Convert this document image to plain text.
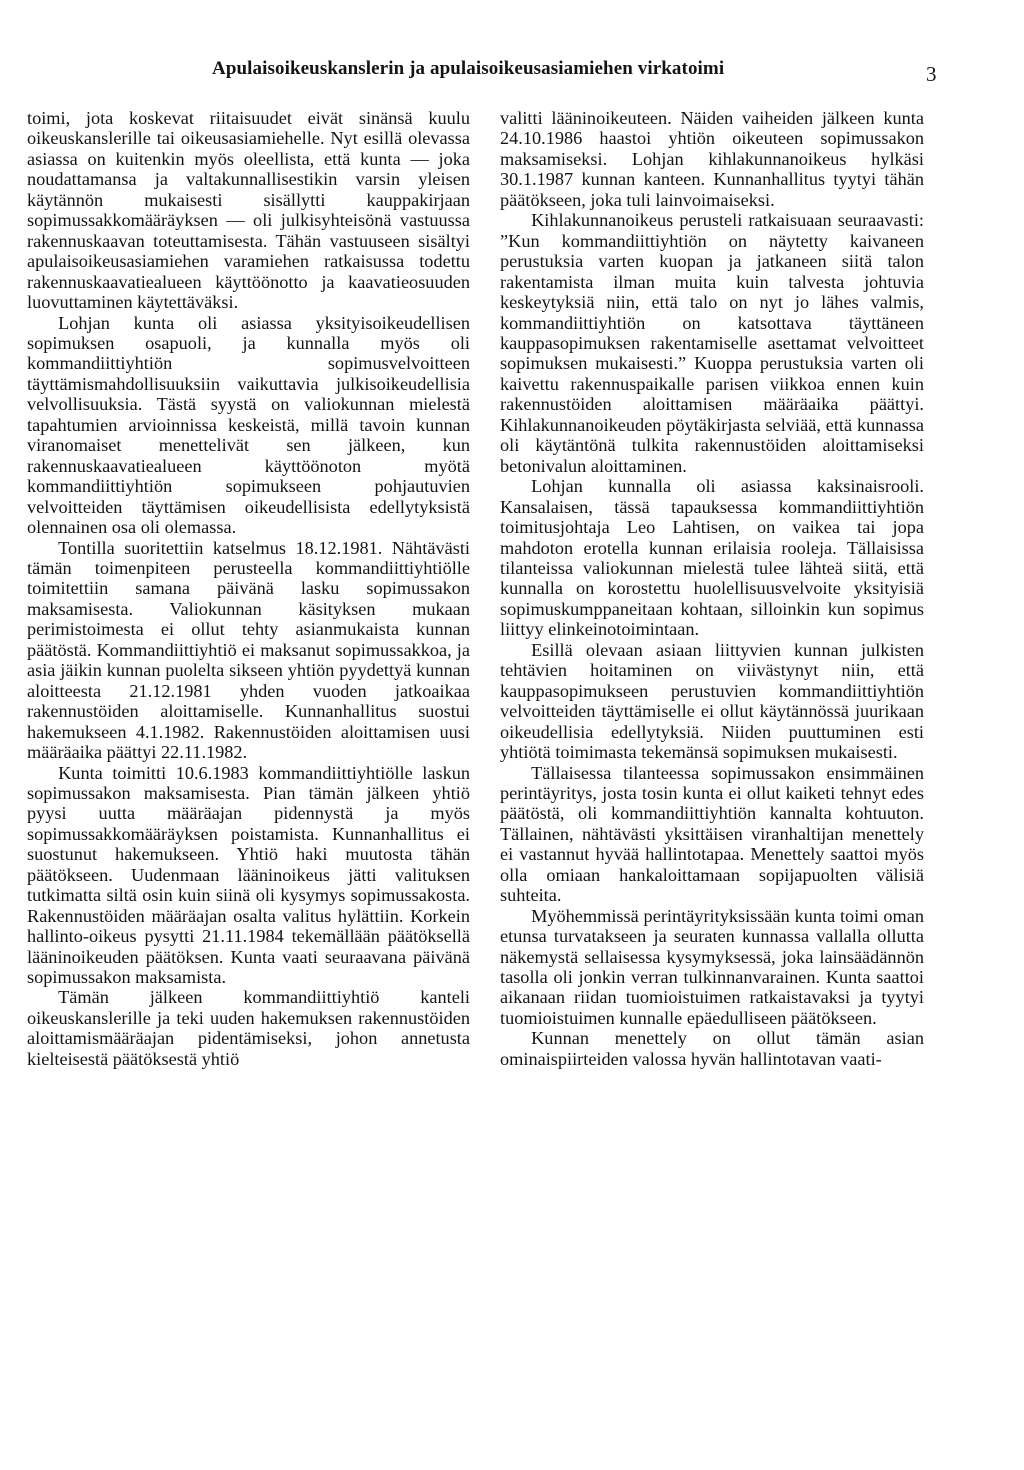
Apulaisoikeuskanslerin ja apulaisoikeusasiamiehen virkatoimi	3

toimi, jota koskevat riitaisuudet eivät sinänsä kuulu oikeuskanslerille tai oikeusasiamiehelle. Nyt esillä olevassa asiassa on kuitenkin myös oleellista, että kunta — joka noudattamansa ja valtakunnallisestikin varsin yleisen käytännön mukaisesti sisällytti kauppakirjaan sopimussakkomääräyksen — oli julkisyhteisönä vastuussa rakennuskaavan toteuttamisesta. Tähän vastuuseen sisältyi apulaisoikeusasiamiehen varamiehen ratkaisussa todettu rakennuskaavatiealueen käyttöönotto ja kaavatieosuuden luovuttaminen käytettäväksi.

Lohjan kunta oli asiassa yksityisoikeudellisen sopimuksen osapuoli, ja kunnalla myös oli kommandiittiyhtiön sopimusvelvoitteen täyttämismahdollisuuksiin vaikuttavia julkisoikeudellisia velvollisuuksia. Tästä syystä on valiokunnan mielestä tapahtumien arvioinnissa keskeistä, millä tavoin kunnan viranomaiset menettelivät sen jälkeen, kun rakennuskaavatiealueen käyttöönoton myötä kommandiittiyhtiön sopimukseen pohjautuvien velvoitteiden täyttämisen oikeudellisista edellytyksistä olennainen osa oli olemassa.

Tontilla suoritettiin katselmus 18.12.1981. Nähtävästi tämän toimenpiteen perusteella kommandiittiyhtiölle toimitettiin samana päivänä lasku sopimussakon maksamisesta. Valiokunnan käsityksen mukaan perimistoimesta ei ollut tehty asianmukaista kunnan päätöstä. Kommandiittiyhtiö ei maksanut sopimussakkoa, ja asia jäikin kunnan puolelta sikseen yhtiön pyydettyä kunnan aloitteesta 21.12.1981 yhden vuoden jatkoaikaa rakennustöiden aloittamiselle. Kunnanhallitus suostui hakemukseen 4.1.1982. Rakennustöiden aloittamisen uusi määräaika päättyi 22.11.1982.

Kunta toimitti 10.6.1983 kommandiittiyhtiölle laskun sopimussakon maksamisesta. Pian tämän jälkeen yhtiö pyysi uutta määräajan pidennystä ja myös sopimussakkomääräyksen poistamista. Kunnanhallitus ei suostunut hakemukseen. Yhtiö haki muutosta tähän päätökseen. Uudenmaan lääninoikeus jätti valituksen tutkimatta siltä osin kuin siinä oli kysymys sopimussakosta. Rakennustöiden määräajan osalta valitus hylättiin. Korkein hallinto-oikeus pysytti 21.11.1984 tekemällään päätöksellä lääninoikeuden päätöksen. Kunta vaati seuraavana päivänä sopimussakon maksamista.

Tämän jälkeen kommandiittiyhtiö kanteli oikeuskanslerille ja teki uuden hakemuksen rakennustöiden aloittamismääräajan pidentämiseksi, johon annetusta kielteisestä päätöksestä yhtiö

valitti lääninoikeuteen. Näiden vaiheiden jälkeen kunta 24.10.1986 haastoi yhtiön oikeuteen sopimussakon maksamiseksi. Lohjan kihlakunnanoikeus hylkäsi 30.1.1987 kunnan kanteen. Kunnanhallitus tyytyi tähän päätökseen, joka tuli lainvoimaiseksi.

Kihlakunnanoikeus perusteli ratkaisuaan seuraavasti: ”Kun kommandiittiyhtiön on näytetty kaivaneen perustuksia varten kuopan ja jatkaneen siitä talon rakentamista ilman muita kuin talvesta johtuvia keskeytyksiä niin, että talo on nyt jo lähes valmis, kommandiittiyhtiön on katsottava täyttäneen kauppasopimuksen rakentamiselle asettamat velvoitteet sopimuksen mukaisesti.” Kuoppa perustuksia varten oli kaivettu rakennuspaikalle parisen viikkoa ennen kuin rakennustöiden aloittamisen määräaika päättyi. Kihlakunnanoikeuden pöytäkirjasta selviää, että kunnassa oli käytäntönä tulkita rakennustöiden aloittamiseksi betonivalun aloittaminen.

Lohjan kunnalla oli asiassa kaksinaisrooli. Kansalaisen, tässä tapauksessa kommandiittiyhtiön toimitusjohtaja Leo Lahtisen, on vaikea tai jopa mahdoton erotella kunnan erilaisia rooleja. Tällaisissa tilanteissa valiokunnan mielestä tulee lähteä siitä, että kunnalla on korostettu huolellisuusvelvoite yksityisiä sopimuskumppaneitaan kohtaan, silloinkin kun sopimus liittyy elinkeinotoimintaan.

Esillä olevaan asiaan liittyvien kunnan julkisten tehtävien hoitaminen on viivästynyt niin, että kauppasopimukseen perustuvien kommandiittiyhtiön velvoitteiden täyttämiselle ei ollut käytännössä juurikaan oikeudellisia edellytyksiä. Niiden puuttuminen esti yhtiötä toimimasta tekemänsä sopimuksen mukaisesti.

Tällaisessa tilanteessa sopimussakon ensimmäinen perintäyritys, josta tosin kunta ei ollut kaiketi tehnyt edes päätöstä, oli kommandiittiyhtiön kannalta kohtuuton. Tällainen, nähtävästi yksittäisen viranhaltijan menettely ei vastannut hyvää hallintotapaa. Menettely saattoi myös olla omiaan hankaloittamaan sopijapuolten välisiä suhteita.

Myöhemmissä perintäyrityksissään kunta toimi oman etunsa turvatakseen ja seuraten kunnassa vallalla ollutta näkemystä sellaisessa kysymyksessä, joka lainsäädännön tasolla oli jonkin verran tulkinnanvarainen. Kunta saattoi aikanaan riidan tuomioistuimen ratkaistavaksi ja tyytyi tuomioistuimen kunnalle epäedulliseen päätökseen.

Kunnan menettely on ollut tämän asian ominaispiirteiden valossa hyvän hallintotavan vaati-
